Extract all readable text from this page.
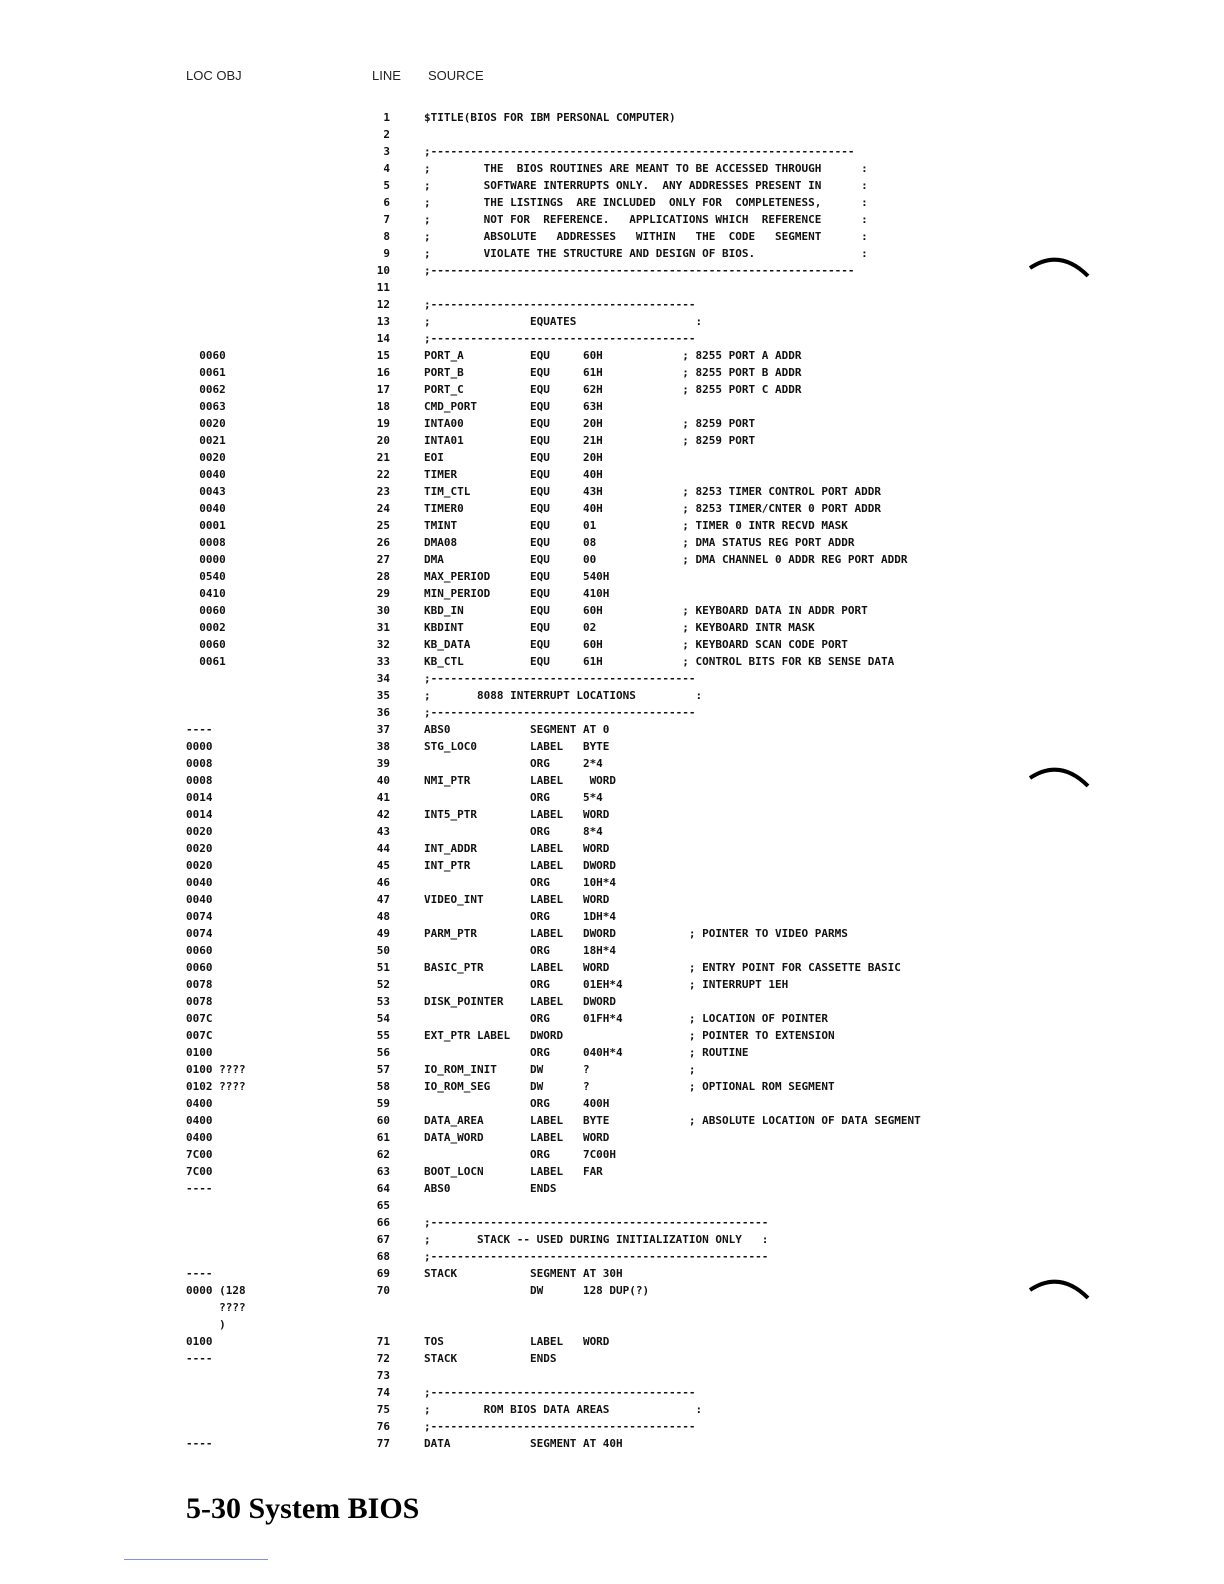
LOC OBJ	LINE SOURCE
1	$TITLE(BIOS FOR IBM PERSONAL COMPUTER)
2
3	;----------------------------------------------------------------
4	;        THE  BIOS ROUTINES ARE MEANT TO BE ACCESSED THROUGH      :
5	;        SOFTWARE INTERRUPTS ONLY.  ANY ADDRESSES PRESENT IN      :
6	;        THE LISTINGS  ARE INCLUDED  ONLY FOR  COMPLETENESS,      :
7	;        NOT FOR  REFERENCE.   APPLICATIONS WHICH  REFERENCE      :
8	;        ABSOLUTE   ADDRESSES   WITHIN   THE  CODE   SEGMENT      :
9	;        VIOLATE THE STRUCTURE AND DESIGN OF BIOS.                :
10	;----------------------------------------------------------------
11
12	;----------------------------------------
13	;               EQUATES                  :
14	;----------------------------------------
0060	15	PORT_A          EQU     60H            ; 8255 PORT A ADDR
0061	16	PORT_B          EQU     61H            ; 8255 PORT B ADDR
0062	17	PORT_C          EQU     62H            ; 8255 PORT C ADDR
0063	18	CMD_PORT        EQU     63H
0020	19	INTA00          EQU     20H            ; 8259 PORT
0021	20	INTA01          EQU     21H            ; 8259 PORT
0020	21	EOI             EQU     20H
0040	22	TIMER           EQU     40H
0043	23	TIM_CTL         EQU     43H            ; 8253 TIMER CONTROL PORT ADDR
0040	24	TIMER0          EQU     40H            ; 8253 TIMER/CNTER 0 PORT ADDR
0001	25	TMINT           EQU     01             ; TIMER 0 INTR RECVD MASK
0008	26	DMA08           EQU     08             ; DMA STATUS REG PORT ADDR
0000	27	DMA             EQU     00             ; DMA CHANNEL 0 ADDR REG PORT ADDR
0540	28	MAX_PERIOD      EQU     540H
0410	29	MIN_PERIOD      EQU     410H
0060	30	KBD_IN          EQU     60H            ; KEYBOARD DATA IN ADDR PORT
0002	31	KBDINT          EQU     02             ; KEYBOARD INTR MASK
0060	32	KB_DATA         EQU     60H            ; KEYBOARD SCAN CODE PORT
0061	33	KB_CTL          EQU     61H            ; CONTROL BITS FOR KB SENSE DATA
34	;----------------------------------------
35	;       8088 INTERRUPT LOCATIONS         :
36	;----------------------------------------
----	37	ABS0            SEGMENT AT 0
0000	38	STG_LOC0        LABEL   BYTE
0008	39	ORG     2*4
0008	40	NMI_PTR         LABEL    WORD
0014	41	ORG     5*4
0014	42	INT5_PTR        LABEL   WORD
0020	43	ORG     8*4
0020	44	INT_ADDR        LABEL   WORD
0020	45	INT_PTR         LABEL   DWORD
0040	46	ORG     10H*4
0040	47	VIDEO_INT       LABEL   WORD
0074	48	ORG     1DH*4
0074	49	PARM_PTR        LABEL   DWORD           ; POINTER TO VIDEO PARMS
0060	50	ORG     18H*4
0060	51	BASIC_PTR       LABEL   WORD            ; ENTRY POINT FOR CASSETTE BASIC
0078	52	ORG     01EH*4          ; INTERRUPT 1EH
0078	53	DISK_POINTER    LABEL   DWORD
007C	54	ORG     01FH*4          ; LOCATION OF POINTER
007C	55	EXT_PTR LABEL   DWORD                   ; POINTER TO EXTENSION
0100	56	ORG     040H*4          ; ROUTINE
0100 ????	57	IO_ROM_INIT     DW      ?               ;
0102 ????	58	IO_ROM_SEG      DW      ?               ; OPTIONAL ROM SEGMENT
0400	59	ORG     400H
0400	60	DATA_AREA       LABEL   BYTE            ; ABSOLUTE LOCATION OF DATA SEGMENT
0400	61	DATA_WORD       LABEL   WORD
7C00	62	ORG     7C00H
7C00	63	BOOT_LOCN       LABEL   FAR
----	64	ABS0            ENDS
65
66	;---------------------------------------------------
67	;       STACK -- USED DURING INITIALIZATION ONLY   :
68	;---------------------------------------------------
----	69	STACK           SEGMENT AT 30H
0000 (128	70	DW      128 DUP(?)
????
)
0100	71	TOS             LABEL   WORD
----	72	STACK           ENDS
73
74	;----------------------------------------
75	;        ROM BIOS DATA AREAS             :
76	;----------------------------------------
----	77	DATA            SEGMENT AT 40H
5-30 System BIOS
